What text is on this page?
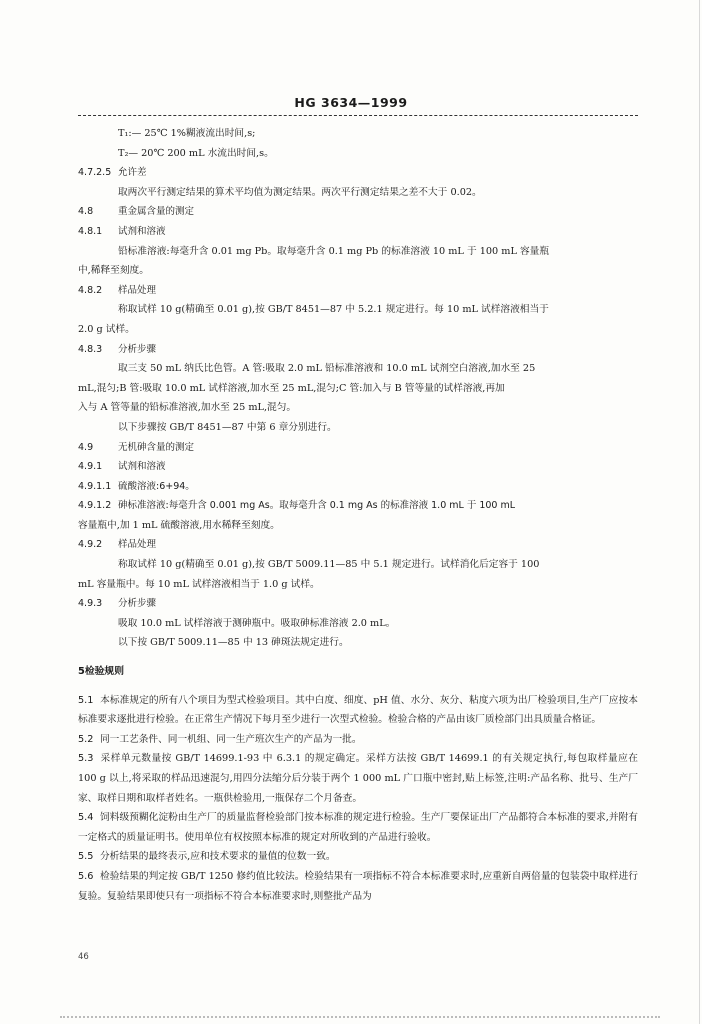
HG 3634—1999
T₁:— 25℃ 1%糊液流出时间,s;
T₂— 20℃ 200 mL 水流出时间,s。
4.7.2.5 允许差
取两次平行测定结果的算术平均值为测定结果。两次平行测定结果之差不大于 0.02。
4.8	重金属含量的测定
4.8.1 试剂和溶液
铅标准溶液:每毫升含 0.01 mg Pb。取每毫升含 0.1 mg Pb 的标准溶液 10 mL 于 100 mL 容量瓶
中,稀释至刻度。
4.8.2 样品处理
称取试样 10 g(精确至 0.01 g),按 GB/T 8451—87 中 5.2.1 规定进行。每 10 mL 试样溶液相当于
2.0 g 试样。
4.8.3 分析步骤
取三支 50 mL 纳氏比色管。A 管:吸取 2.0 mL 铅标准溶液和 10.0 mL 试剂空白溶液,加水至 25
mL,混匀;B 管:吸取 10.0 mL 试样溶液,加水至 25 mL,混匀;C 管:加入与 B 管等量的试样溶液,再加
入与 A 管等量的铅标准溶液,加水至 25 mL,混匀。
以下步骤按 GB/T 8451—87 中第 6 章分别进行。
4.9	无机砷含量的测定
4.9.1 试剂和溶液
4.9.1.1 硫酸溶液:6+94。
4.9.1.2 砷标准溶液:每毫升含 0.001 mg As。取每毫升含 0.1 mg As 的标准溶液 1.0 mL 于 100 mL
容量瓶中,加 1 mL 硫酸溶液,用水稀释至刻度。
4.9.2 样品处理
称取试样 10 g(精确至 0.01 g),按 GB/T 5009.11—85 中 5.1 规定进行。试样消化后定容于 100
mL 容量瓶中。每 10 mL 试样溶液相当于 1.0 g 试样。
4.9.3 分析步骤
吸取 10.0 mL 试样溶液于测砷瓶中。吸取砷标准溶液 2.0 mL。
以下按 GB/T 5009.11—85 中 13 砷斑法规定进行。
5检验规则
5.1 本标准规定的所有八个项目为型式检验项目。其中白度、细度、pH 值、水分、灰分、粘度六项为出厂检验项目,生产厂应按本标准要求逐批进行检验。在正常生产情况下每月至少进行一次型式检验。检验合格的产品由该厂质检部门出具质量合格证。
5.2 同一工艺条件、同一机组、同一生产班次生产的产品为一批。
5.3 采样单元数量按 GB/T 14699.1-93 中 6.3.1 的规定确定。采样方法按 GB/T 14699.1 的有关规定执行,每包取样量应在 100 g 以上,将采取的样品迅速混匀,用四分法缩分后分装于两个 1 000 mL 广口瓶中密封,贴上标签,注明:产品名称、批号、生产厂家、取样日期和取样者姓名。一瓶供检验用,一瓶保存二个月备查。
5.4 饲料级预糊化淀粉由生产厂的质量监督检验部门按本标准的规定进行检验。生产厂要保证出厂产品都符合本标准的要求,并附有一定格式的质量证明书。使用单位有权按照本标准的规定对所收到的产品进行验收。
5.5 分析结果的最终表示,应和技术要求的量值的位数一致。
5.6 检验结果的判定按 GB/T 1250 修约值比较法。检验结果有一项指标不符合本标准要求时,应重新自两倍量的包装袋中取样进行复验。复验结果即使只有一项指标不符合本标准要求时,则整批产品为
46
